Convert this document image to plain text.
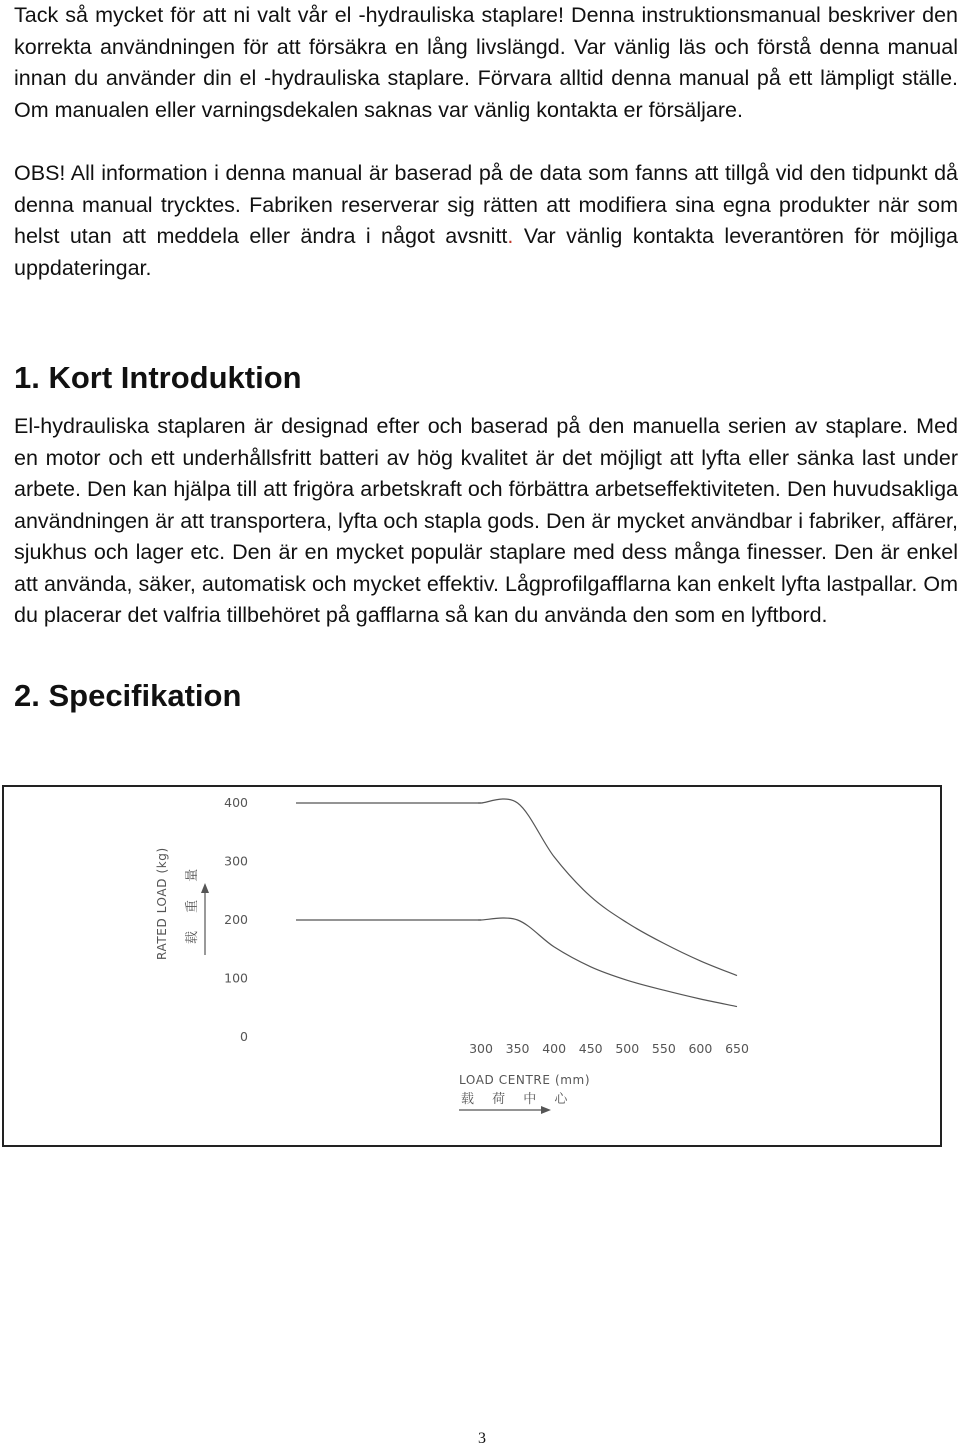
Tack så mycket för att ni valt vår el -hydrauliska staplare! Denna instruktionsmanual beskriver den korrekta användningen för att försäkra en lång livslängd. Var vänlig läs och förstå denna manual innan du använder din el -hydrauliska staplare. Förvara alltid denna manual på ett lämpligt ställe. Om manualen eller varningsdekalen saknas var vänlig kontakta er försäljare.

OBS! All information i denna manual är baserad på de data som fanns att tillgå vid den tidpunkt då denna manual trycktes. Fabriken reserverar sig rätten att modifiera sina egna produkter när som helst utan att meddela eller ändra i något avsnitt. Var vänlig kontakta leverantören för möjliga uppdateringar.

1. Kort Introduktion

El-hydrauliska staplaren är designad efter och baserad på den manuella serien av staplare. Med en motor och ett underhållsfritt batteri av hög kvalitet är det möjligt att lyfta eller sänka last under arbete. Den kan hjälpa till att frigöra arbetskraft och förbättra arbetseffektiviteten. Den huvudsakliga användningen är att transportera, lyfta och stapla gods. Den är mycket användbar i fabriker, affärer, sjukhus och lager etc. Den är en mycket populär staplare med dess många finesser. Den är enkel att använda, säker, automatisk och mycket effektiv. Lågprofilgafflarna kan enkelt lyfta lastpallar. Om du placerar det valfria tillbehöret på gafflarna så kan du använda den som en lyftbord.

2. Specifikation
400
300
200
100
0
300 350 400 450 500 550 600 650
RATED LOAD (kg) 载 重 量
LOAD CENTRE (mm)
载 荷 中 心
3
